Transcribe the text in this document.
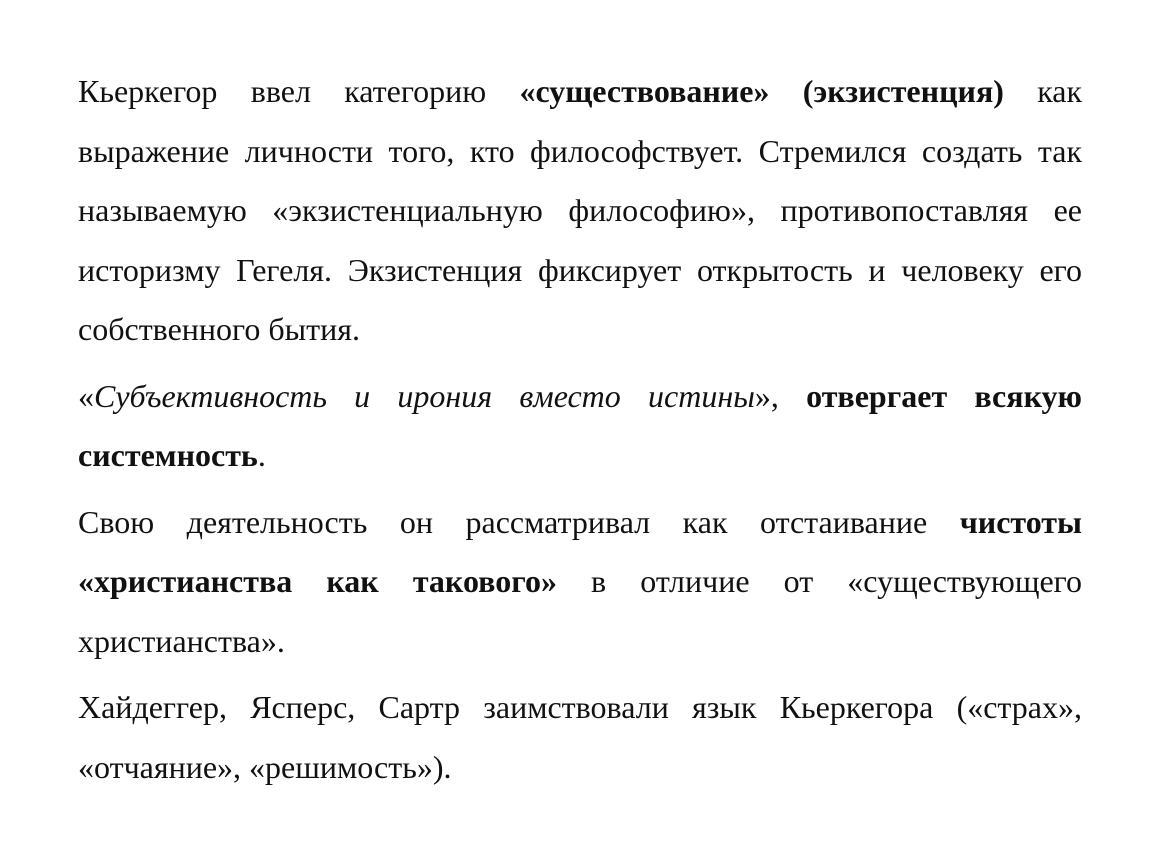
Кьеркегор ввел категорию «существование» (экзистенция) как выражение личности того, кто философствует. Стремился создать так называемую «экзистенциальную философию», противопоставляя ее историзму Гегеля. Экзистенция фиксирует открытость и человеку его собственного бытия.

«Субъективность и ирония вместо истины», отвергает всякую системность.

Свою деятельность он рассматривал как отстаивание чистоты «христианства как такового» в отличие от «существующего христианства».

Хайдеггер, Ясперс, Сартр заимствовали язык Кьеркегора («страх», «отчаяние», «решимость»).
